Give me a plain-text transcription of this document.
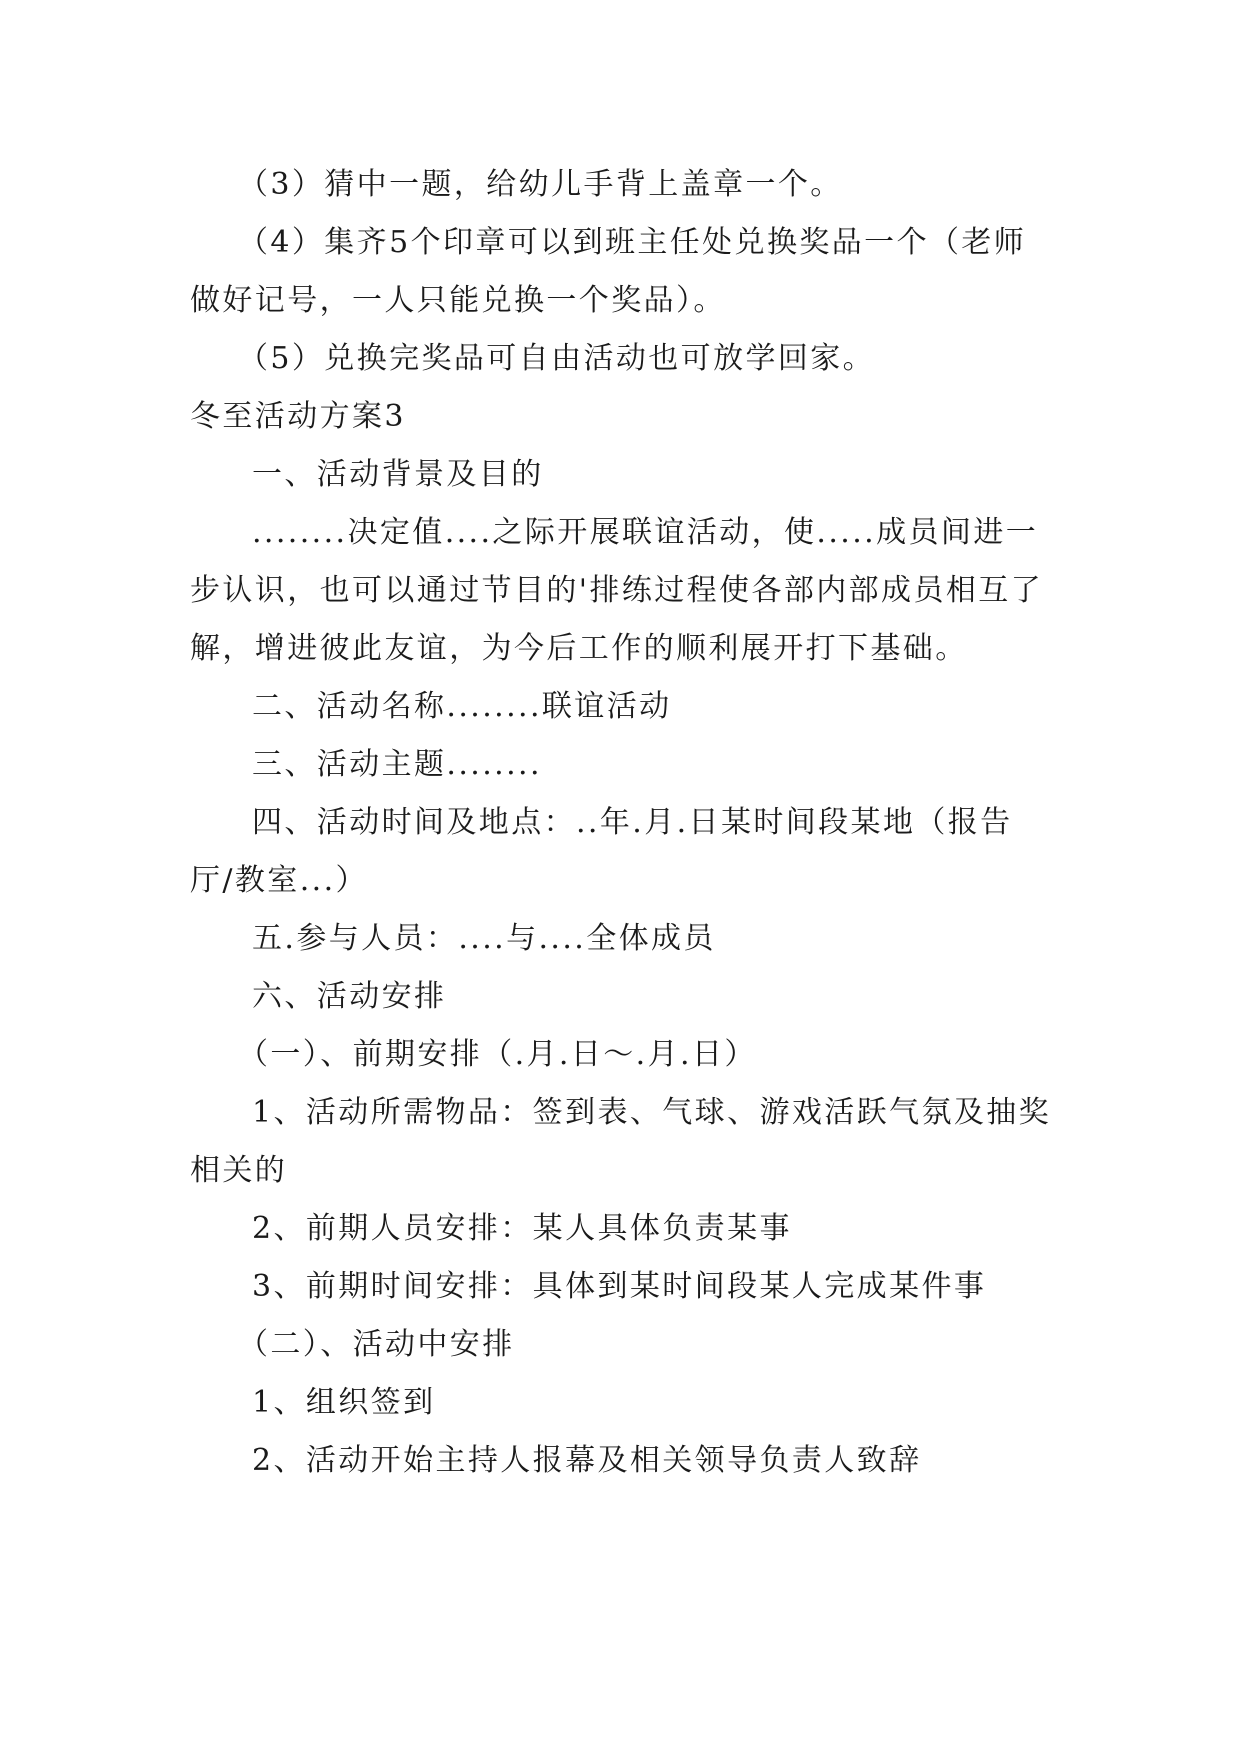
（3）猜中一题，给幼儿手背上盖章一个。

（4）集齐5个印章可以到班主任处兑换奖品一个（老师做好记号，一人只能兑换一个奖品）。

（5）兑换完奖品可自由活动也可放学回家。

冬至活动方案3

一、活动背景及目的

........决定值....之际开展联谊活动，使.....成员间进一步认识，也可以通过节目的'排练过程使各部内部成员相互了解，增进彼此友谊，为今后工作的顺利展开打下基础。

二、活动名称........联谊活动

三、活动主题........

四、活动时间及地点：..年.月.日某时间段某地（报告厅/教室...）

五.参与人员：....与....全体成员

六、活动安排

（一）、前期安排（.月.日～.月.日）

1、活动所需物品：签到表、气球、游戏活跃气氛及抽奖相关的

2、前期人员安排：某人具体负责某事

3、前期时间安排：具体到某时间段某人完成某件事

（二）、活动中安排

1、组织签到

2、活动开始主持人报幕及相关领导负责人致辞
